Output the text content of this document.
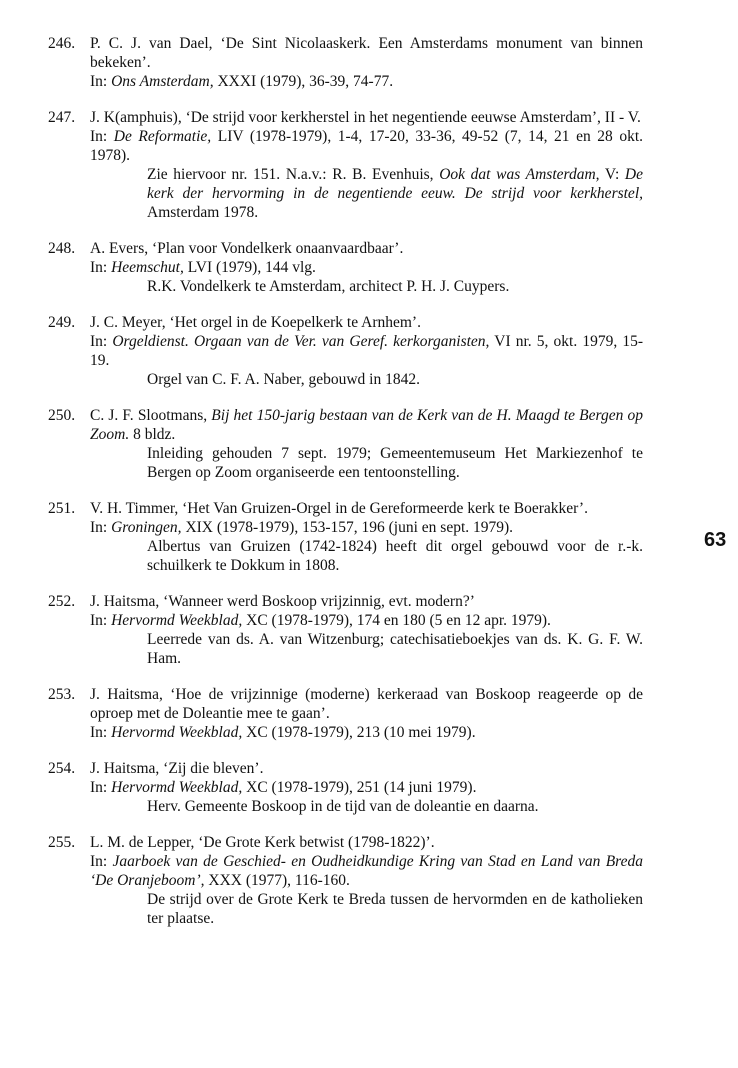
246. P. C. J. van Dael, ‘De Sint Nicolaaskerk. Een Amsterdams monument van binnen bekeken’.
In: Ons Amsterdam, XXXI (1979), 36-39, 74-77.
247. J. K(amphuis), ‘De strijd voor kerkherstel in het negentiende eeuwse Amsterdam’, II - V.
In: De Reformatie, LIV (1978-1979), 1-4, 17-20, 33-36, 49-52 (7, 14, 21 en 28 okt. 1978).
Zie hiervoor nr. 151. N.a.v.: R. B. Evenhuis, Ook dat was Amsterdam, V: De kerk der hervorming in de negentiende eeuw. De strijd voor kerkherstel, Amsterdam 1978.
248. A. Evers, ‘Plan voor Vondelkerk onaanvaardbaar’.
In: Heemschut, LVI (1979), 144 vlg.
R.K. Vondelkerk te Amsterdam, architect P. H. J. Cuypers.
249. J. C. Meyer, ‘Het orgel in de Koepelkerk te Arnhem’.
In: Orgeldienst. Orgaan van de Ver. van Geref. kerkorganisten, VI nr. 5, okt. 1979, 15-19.
Orgel van C. F. A. Naber, gebouwd in 1842.
250. C. J. F. Slootmans, Bij het 150-jarig bestaan van de Kerk van de H. Maagd te Bergen op Zoom. 8 bldz.
Inleiding gehouden 7 sept. 1979; Gemeentemuseum Het Markiezenhof te Bergen op Zoom organiseerde een tentoonstelling.
251. V. H. Timmer, ‘Het Van Gruizen-Orgel in de Gereformeerde kerk te Boerakker’.
In: Groningen, XIX (1978-1979), 153-157, 196 (juni en sept. 1979).
Albertus van Gruizen (1742-1824) heeft dit orgel gebouwd voor de r.-k. schuilkerk te Dokkum in 1808.
252. J. Haitsma, ‘Wanneer werd Boskoop vrijzinnig, evt. modern?’
In: Hervormd Weekblad, XC (1978-1979), 174 en 180 (5 en 12 apr. 1979).
Leerrede van ds. A. van Witzenburg; catechisatieboekjes van ds. K. G. F. W. Ham.
253. J. Haitsma, ‘Hoe de vrijzinnige (moderne) kerkeraad van Boskoop reageerde op de oproep met de Doleantie mee te gaan’.
In: Hervormd Weekblad, XC (1978-1979), 213 (10 mei 1979).
254. J. Haitsma, ‘Zij die bleven’.
In: Hervormd Weekblad, XC (1978-1979), 251 (14 juni 1979).
Herv. Gemeente Boskoop in de tijd van de doleantie en daarna.
255. L. M. de Lepper, ‘De Grote Kerk betwist (1798-1822)’.
In: Jaarboek van de Geschied- en Oudheidkundige Kring van Stad en Land van Breda ‘De Oranjeboom’, XXX (1977), 116-160.
De strijd over de Grote Kerk te Breda tussen de hervormden en de katholieken ter plaatse.
63
